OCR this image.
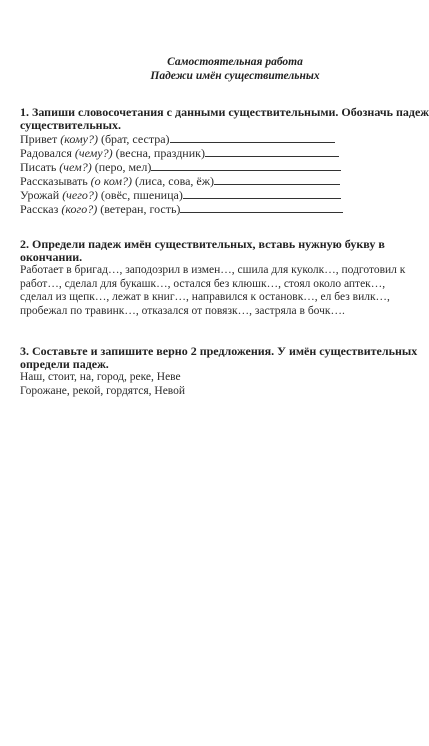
Самостоятельная работа
Падежи имён существительных
1. Запиши словосочетания с данными существительными. Обозначь падеж
существительных.
Привет (кому?) (брат, сестра)
Радовался (чему?) (весна, праздник)
Писать (чем?) (перо, мел)
Рассказывать (о ком?) (лиса, сова, ёж)
Урожай (чего?) (овёс, пшеница)
Рассказ (кого?) (ветеран, гость)
2. Определи падеж имён существительных, вставь нужную букву в
окончании.
Работает в бригад…, заподозрил в измен…, сшила для куколк…, подготовил к
работ…, сделал для букашк…, остался без клюшк…, стоял около аптек…,
сделал из щепк…, лежат в книг…, направился к остановк…, ел без вилк…,
пробежал по травинк…, отказался от повязк…, застряла в бочк….
3. Составьте и запишите верно 2 предложения. У имён существительных
определи падеж.
Наш, стоит, на, город, реке, Неве
Горожане, рекой, гордятся, Невой
